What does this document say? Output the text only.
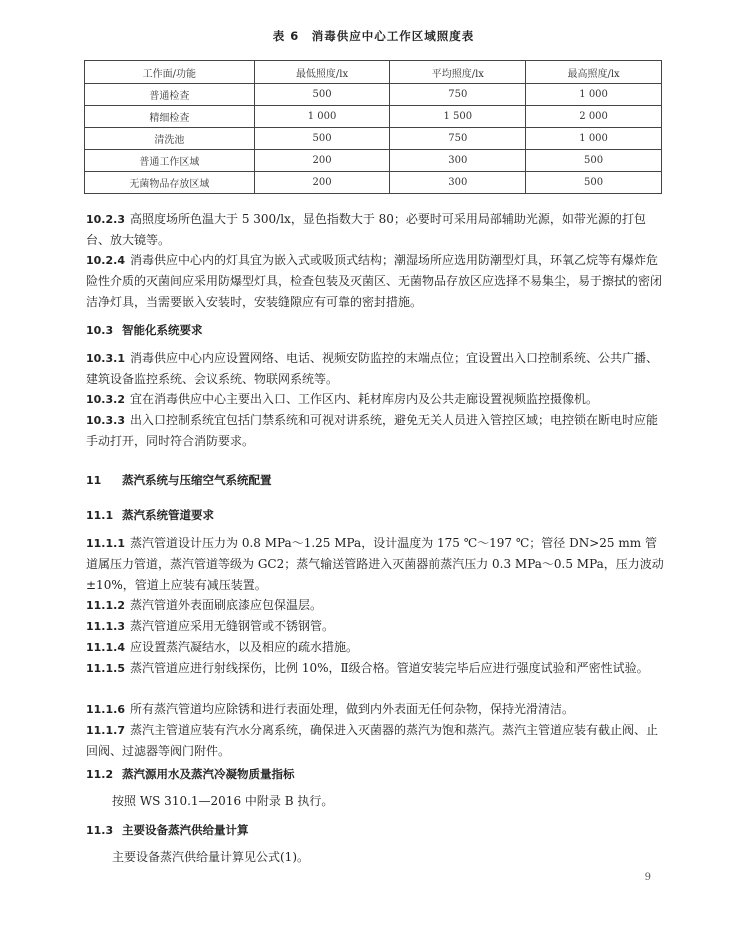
表 6　消毒供应中心工作区域照度表
工作面/功能	最低照度/lx	平均照度/lx	最高照度/lx
普通检查	500	750	1 000
精细检查	1 000	1 500	2 000
清洗池	500	750	1 000
普通工作区域	200	300	500
无菌物品存放区域	200	300	500
10.2.3 高照度场所色温大于 5 300/lx，显色指数大于 80；必要时可采用局部辅助光源，如带光源的打包台、放大镜等。
10.2.4 消毒供应中心内的灯具宜为嵌入式或吸顶式结构；潮湿场所应选用防潮型灯具，环氧乙烷等有爆炸危险性介质的灭菌间应采用防爆型灯具，检查包装及灭菌区、无菌物品存放区应选择不易集尘，易于擦拭的密闭洁净灯具，当需要嵌入安装时，安装缝隙应有可靠的密封措施。
10.3 智能化系统要求
10.3.1 消毒供应中心内应设置网络、电话、视频安防监控的末端点位；宜设置出入口控制系统、公共广播、建筑设备监控系统、会议系统、物联网系统等。
10.3.2 宜在消毒供应中心主要出入口、工作区内、耗材库房内及公共走廊设置视频监控摄像机。
10.3.3 出入口控制系统宜包括门禁系统和可视对讲系统，避免无关人员进入管控区域；电控锁在断电时应能手动打开，同时符合消防要求。
11 蒸汽系统与压缩空气系统配置
11.1 蒸汽系统管道要求
11.1.1 蒸汽管道设计压力为 0.8 MPa～1.25 MPa，设计温度为 175 ℃～197 ℃；管径 DN>25 mm 管道属压力管道，蒸汽管道等级为 GC2；蒸气输送管路进入灭菌器前蒸汽压力 0.3 MPa～0.5 MPa，压力波动±10%，管道上应装有减压装置。
11.1.2 蒸汽管道外表面刷底漆应包保温层。
11.1.3 蒸汽管道应采用无缝钢管或不锈钢管。
11.1.4 应设置蒸汽凝结水，以及相应的疏水措施。
11.1.5 蒸汽管道应进行射线探伤，比例 10%，Ⅱ级合格。管道安装完毕后应进行强度试验和严密性试验。
11.1.6 所有蒸汽管道均应除锈和进行表面处理，做到内外表面无任何杂物，保持光滑清洁。
11.1.7 蒸汽主管道应装有汽水分离系统，确保进入灭菌器的蒸汽为饱和蒸汽。蒸汽主管道应装有截止阀、止回阀、过滤器等阀门附件。
11.2 蒸汽源用水及蒸汽冷凝物质量指标
按照 WS 310.1—2016 中附录 B 执行。
11.3 主要设备蒸汽供给量计算
主要设备蒸汽供给量计算见公式(1)。
9
